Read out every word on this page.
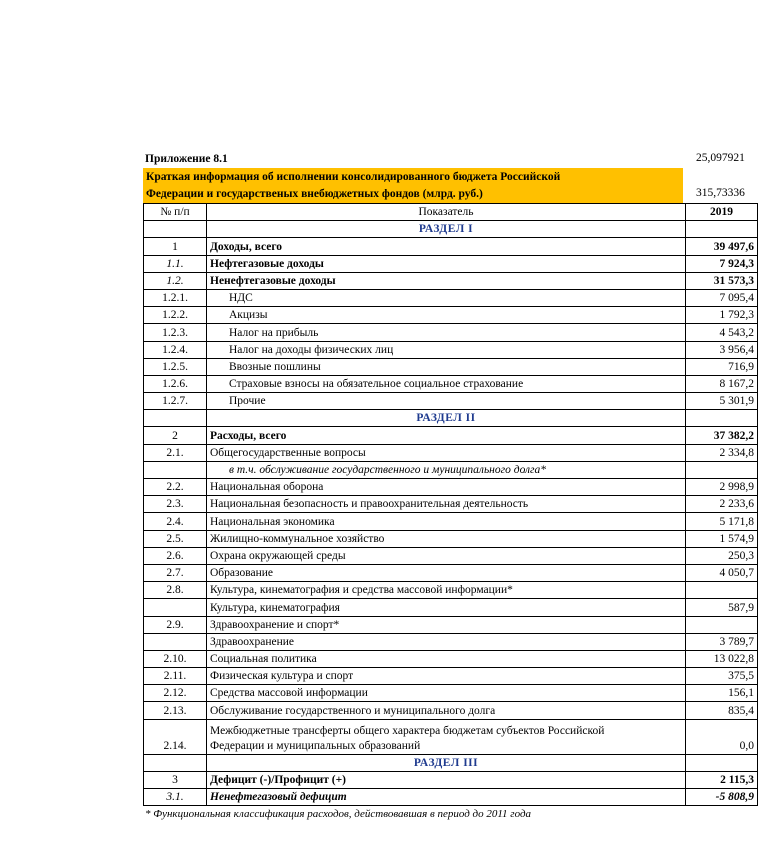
Приложение 8.1	25,097921
Краткая информация об исполнении консолидированного бюджета Российской
Федерации и государственых внебюджетных фондов (млрд. руб.)	315,73336
№ п/п	Показатель	2019
	РАЗДЕЛ I	
1	Доходы, всего	39 497,6
1.1.	Нефтегазовые доходы	7 924,3
1.2.	Ненефтегазовые доходы	31 573,3
1.2.1.	НДС	7 095,4
1.2.2.	Акцизы	1 792,3
1.2.3.	Налог на прибыль	4 543,2
1.2.4.	Налог на доходы физических лиц	3 956,4
1.2.5.	Ввозные пошлины	716,9
1.2.6.	Страховые взносы на обязательное социальное страхование	8 167,2
1.2.7.	Прочие	5 301,9
	РАЗДЕЛ II	
2	Расходы, всего	37 382,2
2.1.	Общегосударственные вопросы	2 334,8
	в т.ч. обслуживание государственного и муниципального долга*	
2.2.	Национальная оборона	2 998,9
2.3.	Национальная безопасность и правоохранительная деятельность	2 233,6
2.4.	Национальная экономика	5 171,8
2.5.	Жилищно-коммунальное хозяйство	1 574,9
2.6.	Охрана окружающей среды	250,3
2.7.	Образование	4 050,7
2.8.	Культура, кинематография и средства массовой информации*	
	Культура, кинематография	587,9
2.9.	Здравоохранение и спорт*	
	Здравоохранение	3 789,7
2.10.	Социальная политика	13 022,8
2.11.	Физическая культура и спорт	375,5
2.12.	Средства массовой информации	156,1
2.13.	Обслуживание государственного и муниципального долга	835,4
2.14.	Межбюджетные трансферты общего характера бюджетам субъектов Российской
Федерации и муниципальных образований	0,0
	РАЗДЕЛ III	
3	Дефицит (-)/Профицит (+)	2 115,3
3.1.	Ненефтегазовый дефицит	-5 808,9
* Функциональная классификация расходов, действовавшая в период до 2011 года
